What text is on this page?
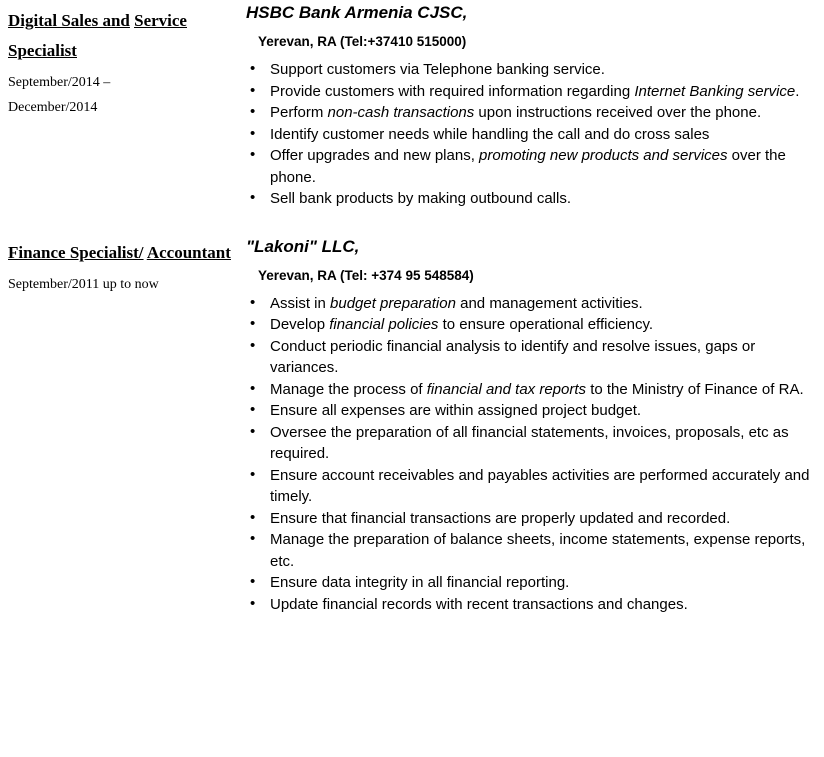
Digital Sales and Service Specialist
September/2014 –
December/2014
HSBC Bank Armenia CJSC,
Yerevan, RA (Tel:+37410 515000)
• Support customers via Telephone banking service.
• Provide customers with required information regarding Internet Banking service.
• Perform non-cash transactions upon instructions received over the phone.
• Identify customer needs while handling the call and do cross sales
• Offer upgrades and new plans, promoting new products and services over the phone.
• Sell bank products by making outbound calls.
Finance Specialist/ Accountant
September/2011 up to now
"Lakoni" LLC,
Yerevan, RA (Tel: +374 95 548584)
• Assist in budget preparation and management activities.
• Develop financial policies to ensure operational efficiency.
• Conduct periodic financial analysis to identify and resolve issues, gaps or variances.
• Manage the process of financial and tax reports to the Ministry of Finance of RA.
• Ensure all expenses are within assigned project budget.
• Oversee the preparation of all financial statements, invoices, proposals, etc as required.
• Ensure account receivables and payables activities are performed accurately and timely.
• Ensure that financial transactions are properly updated and recorded.
• Manage the preparation of balance sheets, income statements, expense reports, etc.
• Ensure data integrity in all financial reporting.
• Update financial records with recent transactions and changes.
